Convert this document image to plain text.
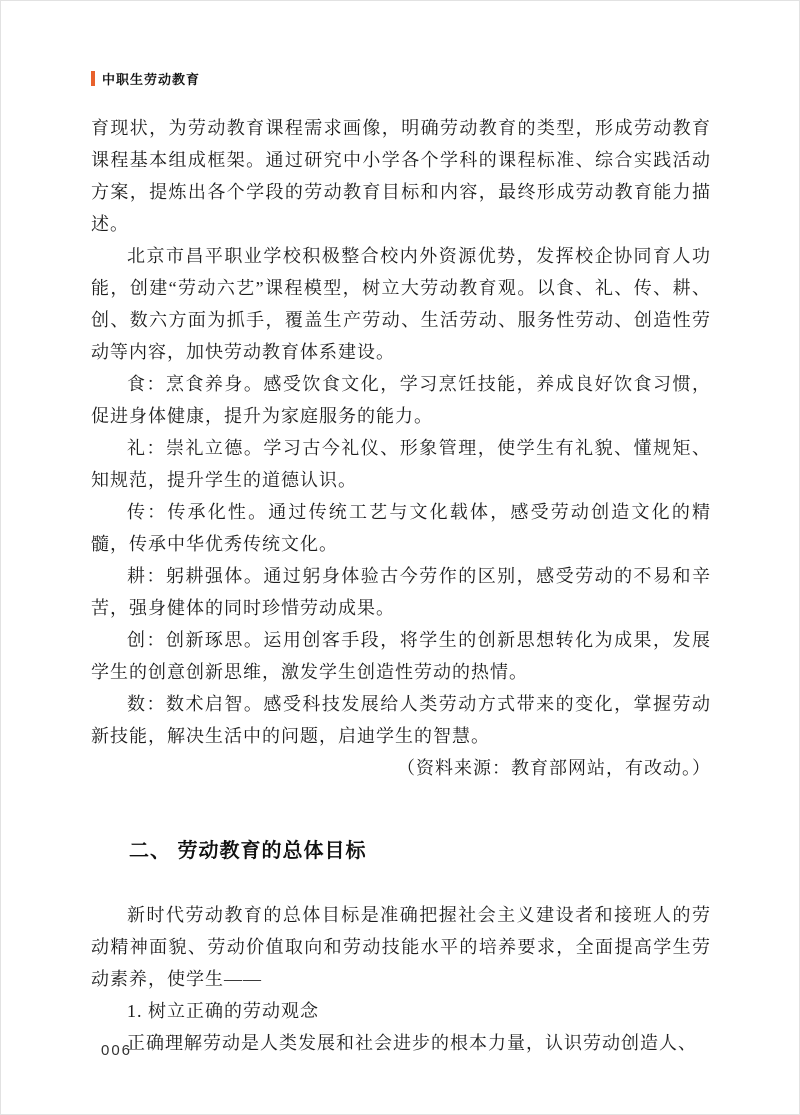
中职生劳动教育

育现状，为劳动教育课程需求画像，明确劳动教育的类型，形成劳动教育课程基本组成框架。通过研究中小学各个学科的课程标准、综合实践活动方案，提炼出各个学段的劳动教育目标和内容，最终形成劳动教育能力描述。

北京市昌平职业学校积极整合校内外资源优势，发挥校企协同育人功能，创建“劳动六艺”课程模型，树立大劳动教育观。以食、礼、传、耕、创、数六方面为抓手，覆盖生产劳动、生活劳动、服务性劳动、创造性劳动等内容，加快劳动教育体系建设。

食：烹食养身。感受饮食文化，学习烹饪技能，养成良好饮食习惯，促进身体健康，提升为家庭服务的能力。

礼：崇礼立德。学习古今礼仪、形象管理，使学生有礼貌、懂规矩、知规范，提升学生的道德认识。

传：传承化性。通过传统工艺与文化载体，感受劳动创造文化的精髓，传承中华优秀传统文化。

耕：躬耕强体。通过躬身体验古今劳作的区别，感受劳动的不易和辛苦，强身健体的同时珍惜劳动成果。

创：创新琢思。运用创客手段，将学生的创新思想转化为成果，发展学生的创意创新思维，激发学生创造性劳动的热情。

数：数术启智。感受科技发展给人类劳动方式带来的变化，掌握劳动新技能，解决生活中的问题，启迪学生的智慧。

（资料来源：教育部网站，有改动。）

二、 劳动教育的总体目标

新时代劳动教育的总体目标是准确把握社会主义建设者和接班人的劳动精神面貌、劳动价值取向和劳动技能水平的培养要求，全面提高学生劳动素养，使学生——

1. 树立正确的劳动观念

正确理解劳动是人类发展和社会进步的根本力量，认识劳动创造人、

006
